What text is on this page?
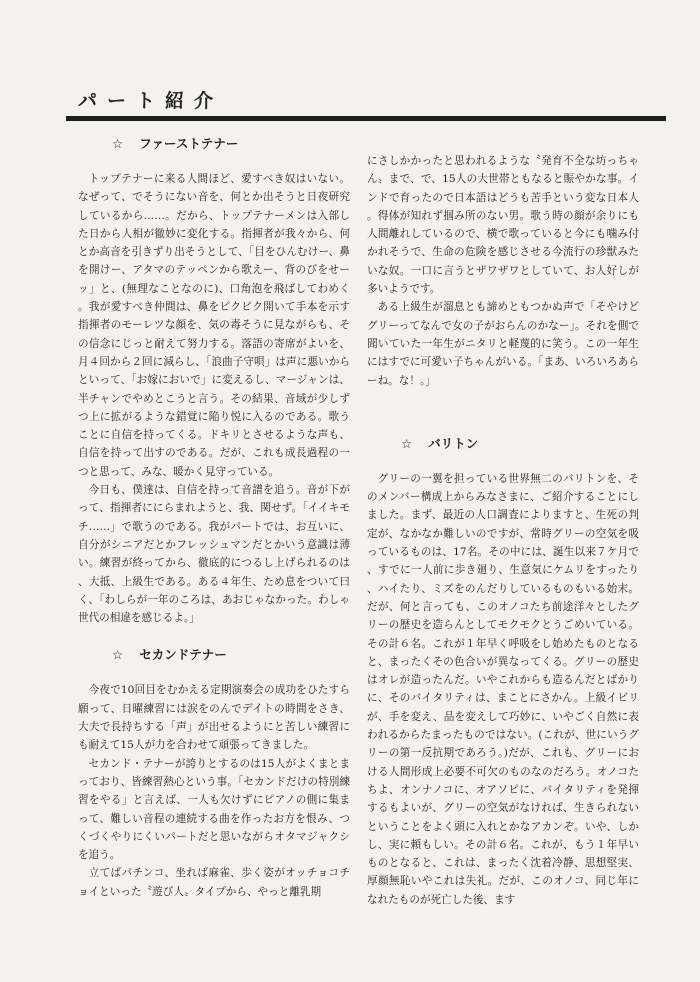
パート紹介
☆ ファーストテナー

トップテナーに来る人間ほど、愛すべき奴はいない。なぜって、でそうにない音を、何とか出そうと日夜研究しているから……。だから、トップテナーメンは入部した日から人相が徹妙に変化する。指揮者が我々から、何とか高音を引きずり出そうとして、「目をひんむけー、鼻を開けー、アタマのテッペンから歌えー、背のびをせーッ」と、(無理なことなのに)、口角泡を飛ばしてわめく。我が愛すべき仲間は、鼻をピクピク開いて手本を示す指揮者のモーレツな顔を、気の毒そうに見ながらも、その信念にじっと耐えて努力する。落語の寄席がよいを、月４回から２回に減らし、「浪曲子守唄」は声に悪いからといって、「お嫁においで」に変えるし、マージャンは、半チャンでやめとこうと言う。その結果、音域が少しずつ上に拡がるような錯覚に陥り悦に入るのである。歌うことに自信を持ってくる。ドキリとさせるような声も、自信を持って出すのである。だが、これも成長過程の一つと思って、みな、暖かく見守っている。

今日も、僕達は、自信を持って音譜を追う。音が下がって、指揮者ににらまれようと、我、関せず。「イイキモチ……」で歌うのである。我がパートでは、お互いに、自分がシニアだとかフレッシュマンだとかいう意識は薄い。練習が終ってから、徹底的につるし上げられるのは、大抵、上級生である。ある４年生、ため息をついて曰く、「わしらが一年のころは、あおじゃなかった。わしゃ世代の相違を感じるよ。」

☆ セカンドテナー

今夜で10回目をむかえる定期演奏会の成功をひたすら願って、日曜練習には涙をのんでデイトの時間をさき、大夫で長持ちする「声」が出せるようにと苦しい練習にも耐えて15人が力を合わせて頑張ってきました。

セカンド・テナーが誇りとするのは15人がよくまとまっており、皆練習熱心という事。「セカンドだけの特別練習をやる」と言えば、一人も欠けずにピアノの側に集まって、難しい音程の連続する曲を作ったお方を恨み、つくづくやりにくいパートだと思いながらオタマジャクシを追う。

立てばパチンコ、坐れば麻雀、歩く姿がオッチョコチョイといった〝遊び人〟タイプから、やっと離乳期

にさしかかったと思われるような〝発育不全な坊っちゃん〟まで、で、15人の大世帯ともなると賑やかな事。インドで育ったので日本語はどうも苦手という変な日本人。得体が知れず掴み所のない男。歌う時の顔が余りにも人間離れしているので、横で歌っていると今にも噛み付かれそうで、生命の危険を感じさせる今流行の珍獣みたいな奴。一口に言うとザワザワとしていて、お人好しが多いようです。

ある上級生が溜息とも諦めともつかぬ声で「そやけどグリーってなんで女の子がおらんのかなー」。それを側で聞いていた一年生がニタリと軽蔑的に笑う。この一年生にはすでに可愛い子ちゃんがいる。「まあ、いろいろあらーね。な！。」

☆ バリトン

グリーの一翼を担っている世界無二のバリトンを、そのメンバー構成上からみなさまに、ご紹介することにしました。まず、最近の人口調査によりますと、生死の判定が、なかなか難しいのですが、常時グリーの空気を吸っているものは、17名。その中には、誕生以来７ケ月で、すでに一人前に歩き廻り、生意気にケムリをすったり、ハイたり、ミズをのんだりしているものもいる始末。だが、何と言っても、このオノコたち前途洋々としたグリーの歴史を造らんとしてモクモクとうごめいている。その計６名。これが１年早く呼吸をし始めたものとなると、まったくその色合いが異なってくる。グリーの歴史はオレが造ったんだ。いやこれからも造るんだとばかりに、そのバイタリティは、まことにさかん。上級イビリが、手を変え、品を変えして巧妙に、いやごく自然に表われるからたまったものではない。(これが、世にいうグリーの第一反抗期であろう。)だが、これも、グリーにおける人間形成上必要不可欠のものなのだろう。オノコたちよ、オンナノコに、オアソビに、バイタリティを発揮するもよいが、グリーの空気がなければ、生きられないということをよく頭に入れとかなアカンぞ。いや、しかし、実に頼もしい。その計６名。これが、もう１年早いものとなると、これは、まったく沈着冷静、思想堅実、厚顔無恥いやこれは失礼。だが、このオノコ、同じ年になれたものが死亡した後、ます
